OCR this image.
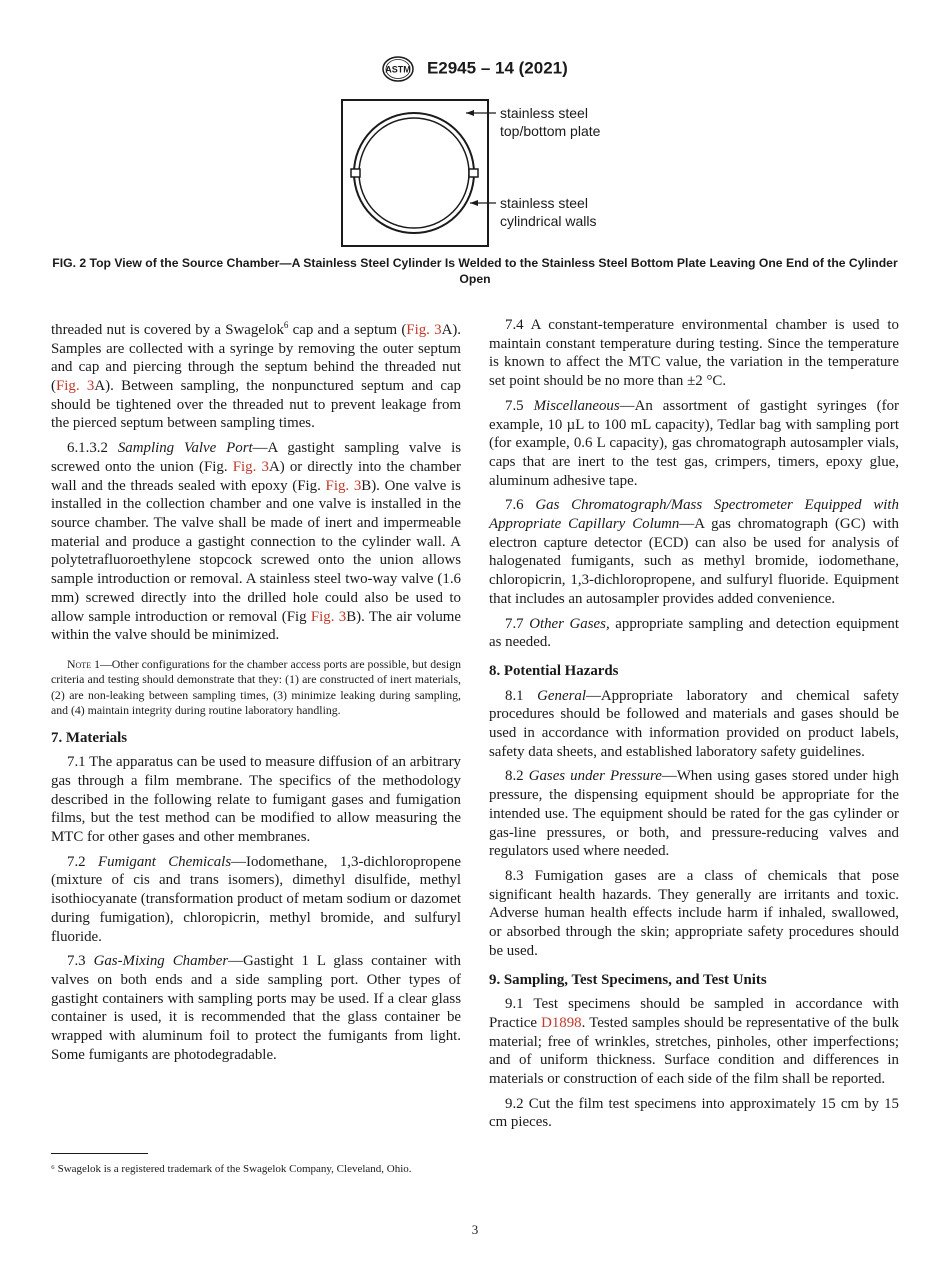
ASTM E2945 – 14 (2021)
stainless steel
top/bottom plate
stainless steel
cylindrical walls
FIG. 2 Top View of the Source Chamber—A Stainless Steel Cylinder Is Welded to the Stainless Steel Bottom Plate Leaving One End of the Cylinder Open

threaded nut is covered by a Swagelok$^6$ cap and a septum (Fig. 3A). Samples are collected with a syringe by removing the outer septum and cap and piercing through the septum behind the threaded nut (Fig. 3A). Between sampling, the nonpunctured septum and cap should be tightened over the threaded nut to prevent leakage from the pierced septum between sampling times.

6.1.3.2 Sampling Valve Port—A gastight sampling valve is screwed onto the union (Fig. Fig. 3A) or directly into the chamber wall and the threads sealed with epoxy (Fig. Fig. 3B). One valve is installed in the collection chamber and one valve is installed in the source chamber. The valve shall be made of inert and impermeable material and produce a gastight connection to the cylinder wall. A polytetrafluoroethylene stopcock screwed onto the union allows sample introduction or removal. A stainless steel two-way valve (1.6 mm) screwed directly into the drilled hole could also be used to allow sample introduction or removal (Fig Fig. 3B). The air volume within the valve should be minimized.

Note 1—Other configurations for the chamber access ports are possible, but design criteria and testing should demonstrate that they: (1) are constructed of inert materials, (2) are non-leaking between sampling times, (3) minimize leaking during sampling, and (4) maintain integrity during routine laboratory handling.
7. Materials

7.1 The apparatus can be used to measure diffusion of an arbitrary gas through a film membrane. The specifics of the methodology described in the following relate to fumigant gases and fumigation films, but the test method can be modified to allow measuring the MTC for other gases and other membranes.

7.2 Fumigant Chemicals—Iodomethane, 1,3-dichloropropene (mixture of cis and trans isomers), dimethyl disulfide, methyl isothiocyanate (transformation product of metam sodium or dazomet during fumigation), chloropicrin, methyl bromide, and sulfuryl fluoride.

7.3 Gas-Mixing Chamber—Gastight 1 L glass container with valves on both ends and a side sampling port. Other types of gastight containers with sampling ports may be used. If a clear glass container is used, it is recommended that the glass container be wrapped with aluminum foil to protect the fumigants from light. Some fumigants are photodegradable.

7.4 A constant-temperature environmental chamber is used to maintain constant temperature during testing. Since the temperature is known to affect the MTC value, the variation in the temperature set point should be no more than ±2 °C.

7.5 Miscellaneous—An assortment of gastight syringes (for example, 10 µL to 100 mL capacity), Tedlar bag with sampling port (for example, 0.6 L capacity), gas chromatograph autosampler vials, caps that are inert to the test gas, crimpers, timers, epoxy glue, aluminum adhesive tape.

7.6 Gas Chromatograph/Mass Spectrometer Equipped with Appropriate Capillary Column—A gas chromatograph (GC) with electron capture detector (ECD) can also be used for analysis of halogenated fumigants, such as methyl bromide, iodomethane, chloropicrin, 1,3-dichloropropene, and sulfuryl fluoride. Equipment that includes an autosampler provides added convenience.

7.7 Other Gases, appropriate sampling and detection equipment as needed.

8. Potential Hazards

8.1 General—Appropriate laboratory and chemical safety procedures should be followed and materials and gases should be used in accordance with information provided on product labels, safety data sheets, and established laboratory safety guidelines.

8.2 Gases under Pressure—When using gases stored under high pressure, the dispensing equipment should be appropriate for the intended use. The equipment should be rated for the gas cylinder or gas-line pressures, or both, and pressure-reducing valves and regulators used where needed.

8.3 Fumigation gases are a class of chemicals that pose significant health hazards. They generally are irritants and toxic. Adverse human health effects include harm if inhaled, swallowed, or absorbed through the skin; appropriate safety procedures should be used.

9. Sampling, Test Specimens, and Test Units

9.1 Test specimens should be sampled in accordance with Practice D1898. Tested samples should be representative of the bulk material; free of wrinkles, stretches, pinholes, other imperfections; and of uniform thickness. Surface condition and differences in materials or construction of each side of the film shall be reported.

9.2 Cut the film test specimens into approximately 15 cm by 15 cm pieces.

⁶ Swagelok is a registered trademark of the Swagelok Company, Cleveland, Ohio.
3
